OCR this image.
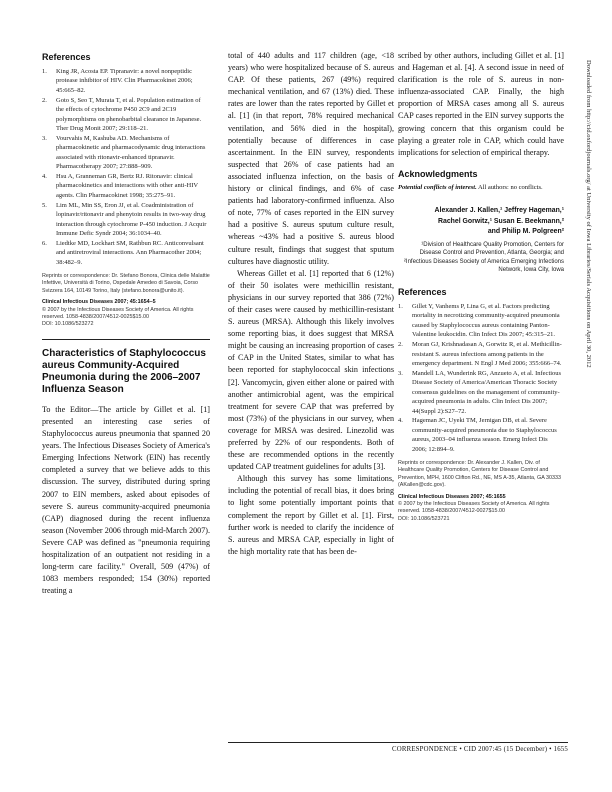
References
1. King JR, Acosta EP. Tipranavir: a novel nonpeptidic protease inhibitor of HIV. Clin Pharmacokinet 2006; 45:665–82.
2. Goto S, Seo T, Murata T, et al. Population estimation of the effects of cytochrome P450 2C9 and 2C19 polymorphisms on phenobarbital clearance in Japanese. Ther Drug Monit 2007; 29:118–21.
3. Vourvahis M, Kashuba AD. Mechanisms of pharmacokinetic and pharmacodynamic drug interactions associated with ritonavir-enhanced tipranavir. Pharmacotherapy 2007; 27:888–909.
4. Hsu A, Granneman GR, Bertz RJ. Ritonavir: clinical pharmacokinetics and interactions with other anti-HIV agents. Clin Pharmacokinet 1998; 35:275–91.
5. Lim ML, Min SS, Eron JJ, et al. Coadministration of lopinavir/ritonavir and phenytoin results in two-way drug interaction through cytochrome P-450 induction. J Acquir Immune Defic Syndr 2004; 36:1034–40.
6. Liedtke MD, Lockhart SM, Rathbun RC. Anticonvulsant and antiretroviral interactions. Ann Pharmacother 2004; 38:482–9.
Reprints or correspondence: Dr. Stefano Bonora, Clinica delle Malattie Infettive, Università di Torino, Ospedale Amedeo di Savoia, Corso Svizzera 164, 10149 Torino, Italy (stefano.bonora@unito.it).
Clinical Infectious Diseases 2007; 45:1654–5
© 2007 by the Infectious Diseases Society of America. All rights reserved. 1058-4838/2007/4512-0025$15.00
DOI: 10.1086/523272
Characteristics of Staphylococcus aureus Community-Acquired Pneumonia during the 2006–2007 Influenza Season

To the Editor—The article by Gillet et al. [1] presented an interesting case series of Staphylococcus aureus pneumonia that spanned 20 years. The Infectious Diseases Society of America's Emerging Infections Network (EIN) has recently completed a survey that we believe adds to this discussion. The survey, distributed during spring 2007 to EIN members, asked about episodes of severe S. aureus community-acquired pneumonia (CAP) diagnosed during the recent influenza season (November 2006 through mid-March 2007). Severe CAP was defined as "pneumonia requiring hospitalization of an outpatient not residing in a long-term care facility." Overall, 509 (47%) of 1083 members responded; 154 (30%) reported treating a

total of 440 adults and 117 children (age, <18 years) who were hospitalized because of S. aureus CAP. Of these patients, 267 (49%) required mechanical ventilation, and 67 (13%) died. These rates are lower than the rates reported by Gillet et al. [1] (in that report, 78% required mechanical ventilation, and 56% died in the hospital), potentially because of differences in case ascertainment. In the EIN survey, respondents suspected that 26% of case patients had an associated influenza infection, on the basis of history or clinical findings, and 6% of case patients had laboratory-confirmed influenza. Also of note, 77% of cases reported in the EIN survey had a positive S. aureus sputum culture result, whereas ~43% had a positive S. aureus blood culture result, findings that suggest that sputum cultures have diagnostic utility.

Whereas Gillet et al. [1] reported that 6 (12%) of their 50 isolates were methicillin resistant, physicians in our survey reported that 386 (72%) of their cases were caused by methicillin-resistant S. aureus (MRSA). Although this likely involves some reporting bias, it does suggest that MRSA might be causing an increasing proportion of cases of CAP in the United States, similar to what has been reported for staphylococcal skin infections [2]. Vancomycin, given either alone or paired with another antimicrobial agent, was the empirical treatment for severe CAP that was preferred by most (73%) of the physicians in our survey, when coverage for MRSA was desired. Linezolid was preferred by 22% of our respondents. Both of these are recommended options in the recently updated CAP treatment guidelines for adults [3].

Although this survey has some limitations, including the potential of recall bias, it does bring to light some potentially important points that complement the report by Gillet et al. [1]. First, further work is needed to clarify the incidence of S. aureus and MRSA CAP, especially in light of the high mortality rate that has been de-

scribed by other authors, including Gillet et al. [1] and Hageman et al. [4]. A second issue in need of clarification is the role of S. aureus in non-influenza-associated CAP. Finally, the high proportion of MRSA cases among all S. aureus CAP cases reported in the EIN survey supports the growing concern that this organism could be playing a greater role in CAP, which could have implications for selection of empirical therapy.

Acknowledgments

Potential conflicts of interest. All authors: no conflicts.

Alexander J. Kallen,¹ Jeffrey Hageman,¹
Rachel Gorwitz,¹ Susan E. Beekmann,²
and Philip M. Polgreen²
¹Division of Healthcare Quality Promotion, Centers for Disease Control and Prevention, Atlanta, Georgia; and ²Infectious Diseases Society of America Emerging Infections Network, Iowa City, Iowa
References
1. Gillet Y, Vanhems P, Lina G, et al. Factors predicting mortality in necrotizing community-acquired pneumonia caused by Staphylococcus aureus containing Panton-Valentine leukocidin. Clin Infect Dis 2007; 45:315–21.
2. Moran GJ, Krishnadasan A, Gorwitz R, et al. Methicillin-resistant S. aureus infections among patients in the emergency department. N Engl J Med 2006; 355:666–74.
3. Mandell LA, Wunderink RG, Anzueto A, et al. Infectious Disease Society of America/American Thoracic Society consensus guidelines on the management of community-acquired pneumonia in adults. Clin Infect Dis 2007; 44(Suppl 2):S27–72.
4. Hageman JC, Uyeki TM, Jernigan DB, et al. Severe community-acquired pneumonia due to Staphylococcus aureus, 2003–04 influenza season. Emerg Infect Dis 2006; 12:894–9.
Reprints or correspondence: Dr. Alexander J. Kallen, Div. of Healthcare Quality Promotion, Centers for Disease Control and Prevention, MPH, 1600 Clifton Rd., NE, MS A-35, Atlanta, GA 30333 (AKallen@cdc.gov).
Clinical Infectious Diseases 2007; 45:1655
© 2007 by the Infectious Diseases Society of America. All rights reserved. 1058-4838/2007/4512-0027$15.00
DOI: 10.1086/523721
Downloaded from http://cid.oxfordjournals.org/ at University of Iowa Libraries/Serials Acquisitions on April 30, 2012
CORRESPONDENCE • CID 2007:45 (15 December) • 1655
